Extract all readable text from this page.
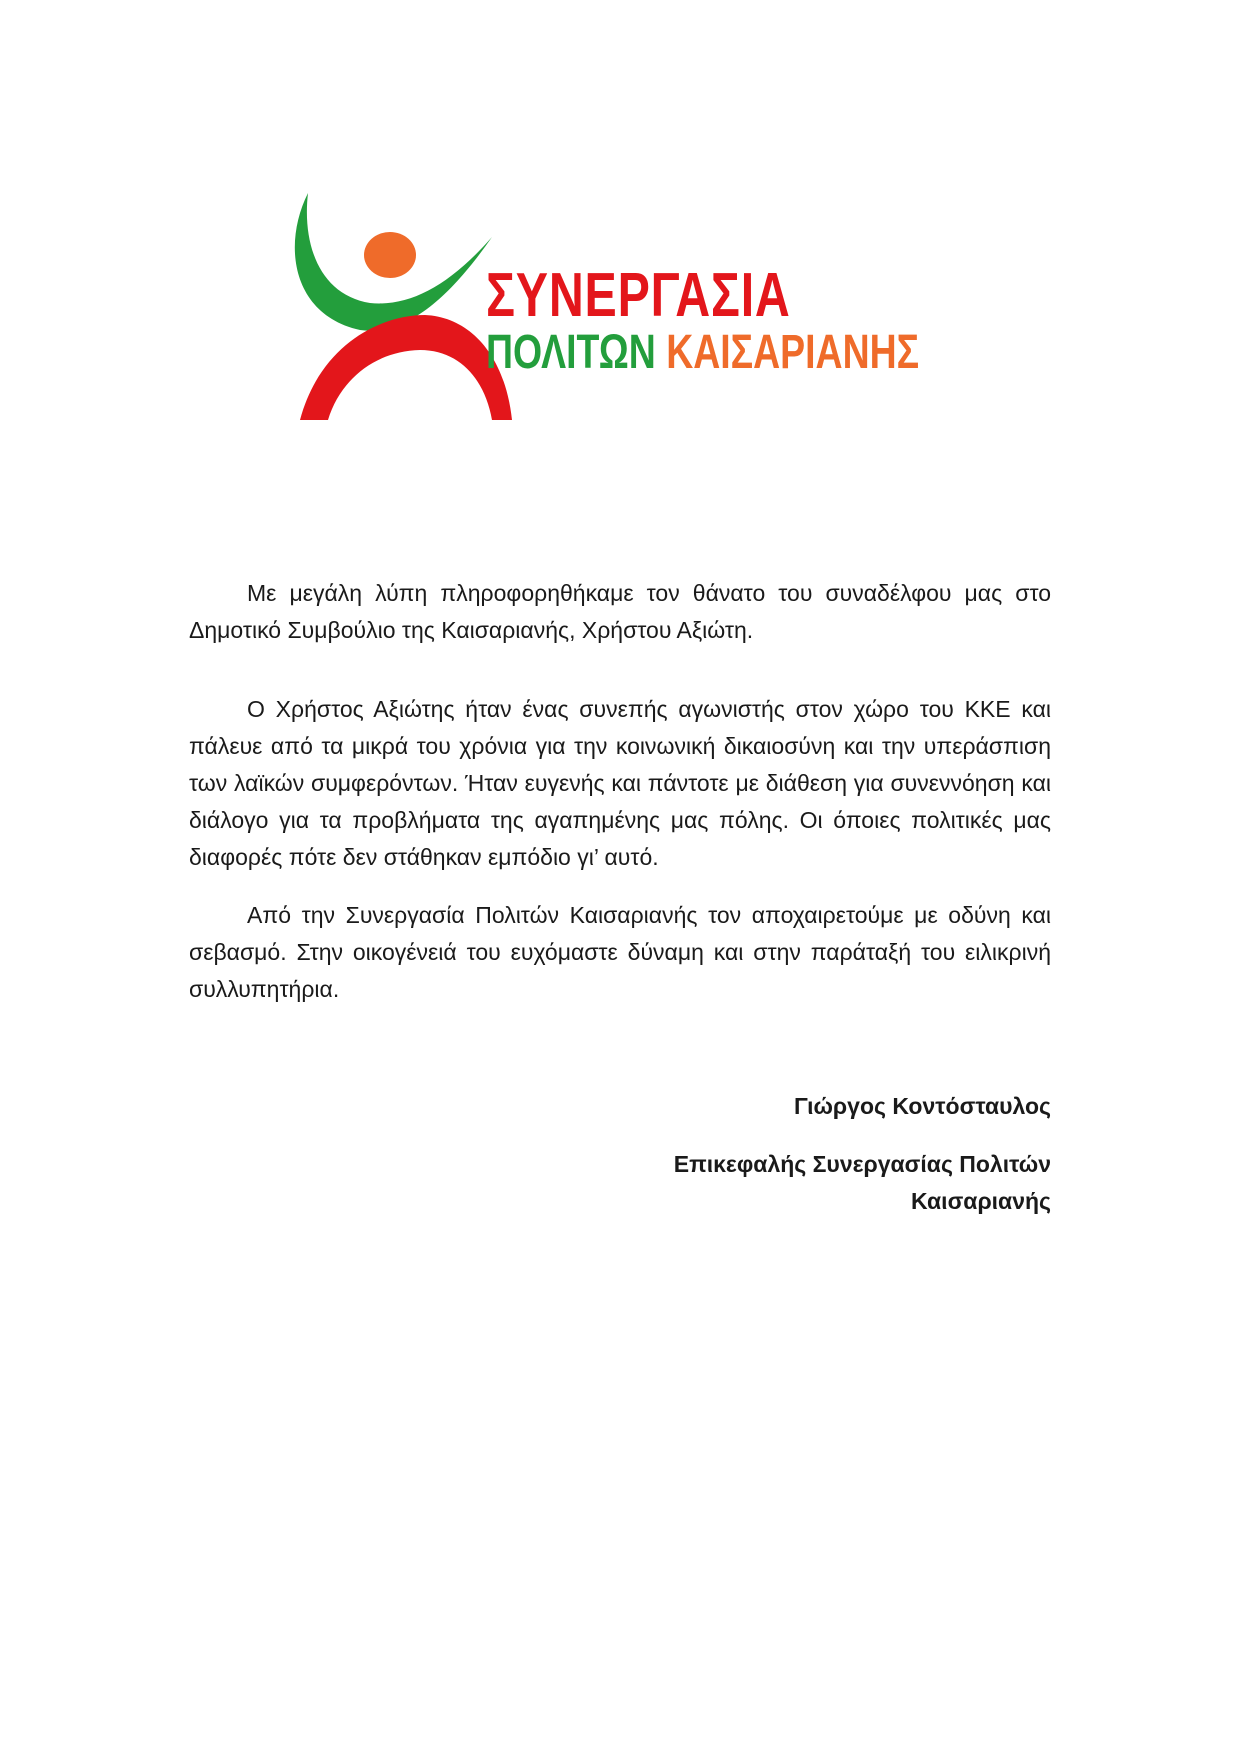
ΣΥΝΕΡΓΑΣΙΑ
ΠΟΛΙΤΩΝ ΚΑΙΣΑΡΙΑΝΗΣ

Με μεγάλη λύπη πληροφορηθήκαμε τον θάνατο του συναδέλφου μας στο Δημοτικό Συμβούλιο της Καισαριανής, Χρήστου Αξιώτη.

Ο Χρήστος Αξιώτης ήταν ένας συνεπής αγωνιστής στον χώρο του ΚΚΕ και πάλευε από τα μικρά του χρόνια για την κοινωνική δικαιοσύνη και την υπεράσπιση των λαϊκών συμφερόντων. Ήταν ευγενής και πάντοτε με διάθεση για συνεννόηση και διάλογο για τα προβλήματα της αγαπημένης μας πόλης. Οι όποιες πολιτικές μας διαφορές πότε δεν στάθηκαν εμπόδιο γι’ αυτό.

Από την Συνεργασία Πολιτών Καισαριανής τον αποχαιρετούμε με οδύνη και σεβασμό. Στην οικογένειά του ευχόμαστε δύναμη και στην παράταξή του ειλικρινή συλλυπητήρια.

Γιώργος Κοντόσταυλος
Επικεφαλής Συνεργασίας Πολιτών
Καισαριανής
